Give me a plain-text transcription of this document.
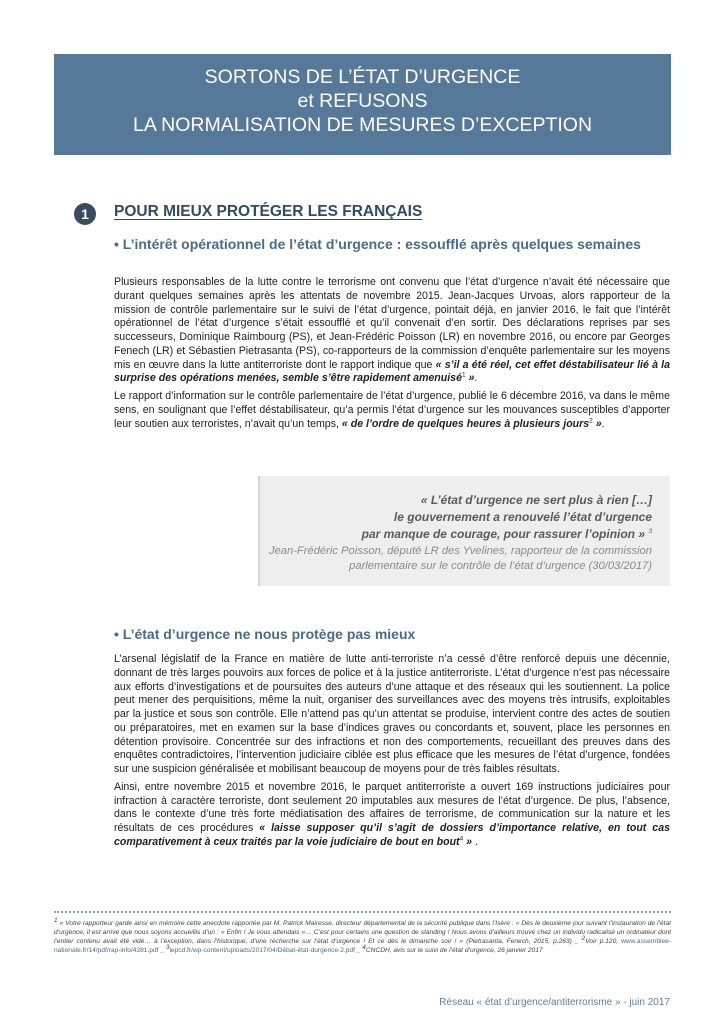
SORTONS DE L’ÉTAT D’URGENCE
et REFUSONS
LA NORMALISATION DE MESURES D’EXCEPTION
1	POUR MIEUX PROTÉGER LES FRANÇAIS
• L’intérêt opérationnel de l’état d’urgence : essoufflé après quelques semaines

Plusieurs responsables de la lutte contre le terrorisme ont convenu que l’état d’urgence n’avait été nécessaire que durant quelques semaines après les attentats de novembre 2015. Jean-Jacques Urvoas, alors rapporteur de la mission de contrôle parlementaire sur le suivi de l’état d’urgence, pointait déjà, en janvier 2016, le fait que l’intérêt opérationnel de l’état d’urgence s’était essoufflé et qu’il convenait d’en sortir. Des déclarations reprises par ses successeurs, Dominique Raimbourg (PS), et Jean-Frédéric Poisson (LR) en novembre 2016, ou encore par Georges Fenech (LR) et Sébastien Pietrasanta (PS), co-rapporteurs de la commission d’enquête parlementaire sur les moyens mis en œuvre dans la lutte antiterroriste dont le rapport indique que « s’il a été réel, cet effet déstabilisateur lié à la surprise des opérations menées, semble s’être rapidement amenuisé$^1$ ».

Le rapport d’information sur le contrôle parlementaire de l’état d’urgence, publié le 6 décembre 2016, va dans le même sens, en soulignant que l’effet déstabilisateur, qu’a permis l’état d’urgence sur les mouvances susceptibles d’apporter leur soutien aux terroristes, n’avait qu’un temps, « de l’ordre de quelques heures à plusieurs jours$^2$ ».

« L’état d’urgence ne sert plus à rien […]
le gouvernement a renouvelé l’état d’urgence
par manque de courage, pour rassurer l’opinion » $^3$
Jean-Frédéric Poisson, député LR des Yvelines, rapporteur de la commission
parlementaire sur le contrôle de l’état d’urgence (30/03/2017)
• L’état d’urgence ne nous protège pas mieux

L’arsenal législatif de la France en matière de lutte anti-terroriste n’a cessé d’être renforcé depuis une décennie, donnant de très larges pouvoirs aux forces de police et à la justice antiterroriste. L’état d’urgence n’est pas nécessaire aux efforts d’investigations et de poursuites des auteurs d’une attaque et des réseaux qui les soutiennent. La police peut mener des perquisitions, même la nuit, organiser des surveillances avec des moyens très intrusifs, exploitables par la justice et sous son contrôle. Elle n’attend pas qu’un attentat se produise, intervient contre des actes de soutien ou préparatoires, met en examen sur la base d’indices graves ou concordants et, souvent, place les personnes en détention provisoire. Concentrée sur des infractions et non des comportements, recueillant des preuves dans des enquêtes contradictoires, l’intervention judiciaire ciblée est plus efficace que les mesures de l’état d’urgence, fondées sur une suspicion généralisée et mobilisant beaucoup de moyens pour de très faibles résultats.

Ainsi, entre novembre 2015 et novembre 2016, le parquet antiterroriste a ouvert 169 instructions judiciaires pour infraction à caractère terroriste, dont seulement 20 imputables aux mesures de l’état d’urgence. De plus, l’absence, dans le contexte d’une très forte médiatisation des affaires de terrorisme, de communication sur la nature et les résultats de ces procédures « laisse supposer qu’il s’agit de dossiers d’importance relative, en tout cas comparativement à ceux traités par la voie judiciaire de bout en bout$^4$ » .

$^1$ « Votre rapporteur garde ainsi en mémoire cette anecdote rapportée par M. Patrick Mairesse, directeur départemental de la sécurité publique dans l’Isère : « Dès le deuxième jour suivant l’instauration de l’état d’urgence, il est arrivé que nous soyons accueillis d’un : « Enfin ! Je vous attendais »… C’est pour certains une question de standing ! Nous avons d’ailleurs trouvé chez un individu radicalisé un ordinateur dont l’entier contenu avait été vidé… à l’exception, dans l’historique, d’une recherche sur l’état d’urgence ! Et ce dès le dimanche soir ! » (Pietrasanta, Fenech, 2015, p.263) _ $^2$Voir p.120, www.assemblee-nationale.fr/14/pdf/rap-info/4281.pdf _ $^3$lepcd.fr/wp-content/uploads/2017/04/Débat-état-durgence-2.pdf _ $^4$CNCDH, avis sur le suivi de l’état d’urgence, 26 janvier 2017
Réseau « état d’urgence/antiterrorisme » - juin 2017
